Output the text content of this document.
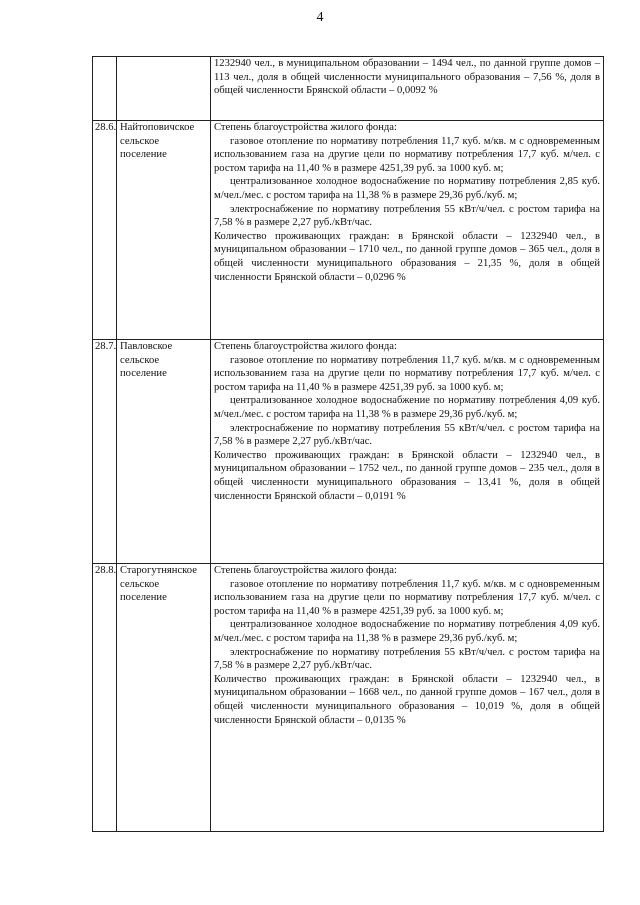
4

		1232940 чел., в муниципальном образовании – 1494 чел., по данной группе домов – 113 чел., доля в общей численности муниципального образования – 7,56 %, доля в общей численности Брянской области – 0,0092 %

28.6.	Найтоповичское сельское поселение	Степень благоустройства жилого фонда:

газовое отопление по нормативу потребления 11,7 куб. м/кв. м с одновременным использованием газа на другие цели по нормативу потребления 17,7 куб. м/чел. с ростом тарифа на 11,40 % в размере 4251,39 руб. за 1000 куб. м;

централизованное холодное водоснабжение по нормативу потребления 2,85 куб. м/чел./мес. с ростом тарифа на 11,38 % в размере 29,36 руб./куб. м;

электроснабжение по нормативу потребления 55 кВт/ч/чел. с ростом тарифа на 7,58 % в размере 2,27 руб./кВт/час.

Количество проживающих граждан: в Брянской области – 1232940 чел., в муниципальном образовании – 1710 чел., по данной группе домов – 365 чел., доля в общей численности муниципального образования – 21,35 %, доля в общей численности Брянской области – 0,0296 %

28.7.	Павловское сельское поселение	Степень благоустройства жилого фонда:

газовое отопление по нормативу потребления 11,7 куб. м/кв. м с одновременным использованием газа на другие цели по нормативу потребления 17,7 куб. м/чел. с ростом тарифа на 11,40 % в размере 4251,39 руб. за 1000 куб. м;

централизованное холодное водоснабжение по нормативу потребления 4,09 куб. м/чел./мес. с ростом тарифа на 11,38 % в размере 29,36 руб./куб. м;

электроснабжение по нормативу потребления 55 кВт/ч/чел. с ростом тарифа на 7,58 % в размере 2,27 руб./кВт/час.

Количество проживающих граждан: в Брянской области – 1232940 чел., в муниципальном образовании – 1752 чел., по данной группе домов – 235 чел., доля в общей численности муниципального образования – 13,41 %, доля в общей численности Брянской области – 0,0191 %

28.8.	Старогутнянское сельское поселение	Степень благоустройства жилого фонда:

газовое отопление по нормативу потребления 11,7 куб. м/кв. м с одновременным использованием газа на другие цели по нормативу потребления 17,7 куб. м/чел. с ростом тарифа на 11,40 % в размере 4251,39 руб. за 1000 куб. м;

централизованное холодное водоснабжение по нормативу потребления 4,09 куб. м/чел./мес. с ростом тарифа на 11,38 % в размере 29,36 руб./куб. м;

электроснабжение по нормативу потребления 55 кВт/ч/чел. с ростом тарифа на 7,58 % в размере 2,27 руб./кВт/час.

Количество проживающих граждан: в Брянской области – 1232940 чел., в муниципальном образовании – 1668 чел., по данной группе домов – 167 чел., доля в общей численности муниципального образования – 10,019 %, доля в общей численности Брянской области – 0,0135 %
